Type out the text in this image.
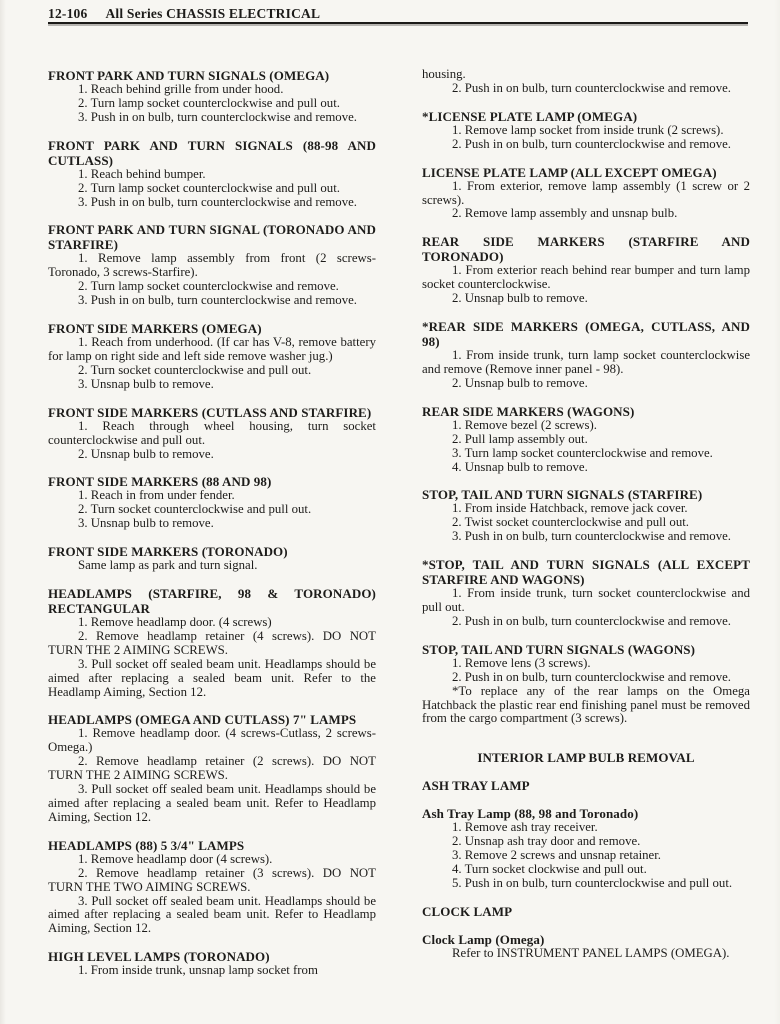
12-106 All Series CHASSIS ELECTRICAL

FRONT PARK AND TURN SIGNALS (OMEGA)

1. Reach behind grille from under hood.

2. Turn lamp socket counterclockwise and pull out.

3. Push in on bulb, turn counterclockwise and remove.

FRONT PARK AND TURN SIGNALS (88-98 AND CUTLASS)

1. Reach behind bumper.

2. Turn lamp socket counterclockwise and pull out.

3. Push in on bulb, turn counterclockwise and remove.

FRONT PARK AND TURN SIGNAL (TORONADO AND STARFIRE)

1. Remove lamp assembly from front (2 screws-Toronado, 3 screws-Starfire).

2. Turn lamp socket counterclockwise and remove.

3. Push in on bulb, turn counterclockwise and remove.

FRONT SIDE MARKERS (OMEGA)

1. Reach from underhood. (If car has V-8, remove battery for lamp on right side and left side remove washer jug.)

2. Turn socket counterclockwise and pull out.

3. Unsnap bulb to remove.

FRONT SIDE MARKERS (CUTLASS AND STARFIRE)

1. Reach through wheel housing, turn socket counterclockwise and pull out.

2. Unsnap bulb to remove.

FRONT SIDE MARKERS (88 AND 98)

1. Reach in from under fender.

2. Turn socket counterclockwise and pull out.

3. Unsnap bulb to remove.

FRONT SIDE MARKERS (TORONADO)

Same lamp as park and turn signal.

HEADLAMPS (STARFIRE, 98 & TORONADO) RECTANGULAR

1. Remove headlamp door. (4 screws)

2. Remove headlamp retainer (4 screws). DO NOT TURN THE 2 AIMING SCREWS.

3. Pull socket off sealed beam unit. Headlamps should be aimed after replacing a sealed beam unit. Refer to the Headlamp Aiming, Section 12.

HEADLAMPS (OMEGA AND CUTLASS) 7" LAMPS

1. Remove headlamp door. (4 screws-Cutlass, 2 screws-Omega.)

2. Remove headlamp retainer (2 screws). DO NOT TURN THE 2 AIMING SCREWS.

3. Pull socket off sealed beam unit. Headlamps should be aimed after replacing a sealed beam unit. Refer to Headlamp Aiming, Section 12.

HEADLAMPS (88) 5 3/4" LAMPS

1. Remove headlamp door (4 screws).

2. Remove headlamp retainer (3 screws). DO NOT TURN THE TWO AIMING SCREWS.

3. Pull socket off sealed beam unit. Headlamps should be aimed after replacing a sealed beam unit. Refer to Headlamp Aiming, Section 12.

HIGH LEVEL LAMPS (TORONADO)

1. From inside trunk, unsnap lamp socket from

housing.

2. Push in on bulb, turn counterclockwise and remove.

*LICENSE PLATE LAMP (OMEGA)

1. Remove lamp socket from inside trunk (2 screws).

2. Push in on bulb, turn counterclockwise and remove.

LICENSE PLATE LAMP (ALL EXCEPT OMEGA)

1. From exterior, remove lamp assembly (1 screw or 2 screws).

2. Remove lamp assembly and unsnap bulb.

REAR SIDE MARKERS (STARFIRE AND TORONADO)

1. From exterior reach behind rear bumper and turn lamp socket counterclockwise.

2. Unsnap bulb to remove.

*REAR SIDE MARKERS (OMEGA, CUTLASS, AND 98)

1. From inside trunk, turn lamp socket counterclockwise and remove (Remove inner panel - 98).

2. Unsnap bulb to remove.

REAR SIDE MARKERS (WAGONS)

1. Remove bezel (2 screws).

2. Pull lamp assembly out.

3. Turn lamp socket counterclockwise and remove.

4. Unsnap bulb to remove.

STOP, TAIL AND TURN SIGNALS (STARFIRE)

1. From inside Hatchback, remove jack cover.

2. Twist socket counterclockwise and pull out.

3. Push in on bulb, turn counterclockwise and remove.

*STOP, TAIL AND TURN SIGNALS (ALL EXCEPT STARFIRE AND WAGONS)

1. From inside trunk, turn socket counterclockwise and pull out.

2. Push in on bulb, turn counterclockwise and remove.

STOP, TAIL AND TURN SIGNALS (WAGONS)

1. Remove lens (3 screws).

2. Push in on bulb, turn counterclockwise and remove.

*To replace any of the rear lamps on the Omega Hatchback the plastic rear end finishing panel must be removed from the cargo compartment (3 screws).

INTERIOR LAMP BULB REMOVAL

ASH TRAY LAMP

Ash Tray Lamp (88, 98 and Toronado)

1. Remove ash tray receiver.

2. Unsnap ash tray door and remove.

3. Remove 2 screws and unsnap retainer.

4. Turn socket clockwise and pull out.

5. Push in on bulb, turn counterclockwise and pull out.

CLOCK LAMP

Clock Lamp (Omega)

Refer to INSTRUMENT PANEL LAMPS (OMEGA).
